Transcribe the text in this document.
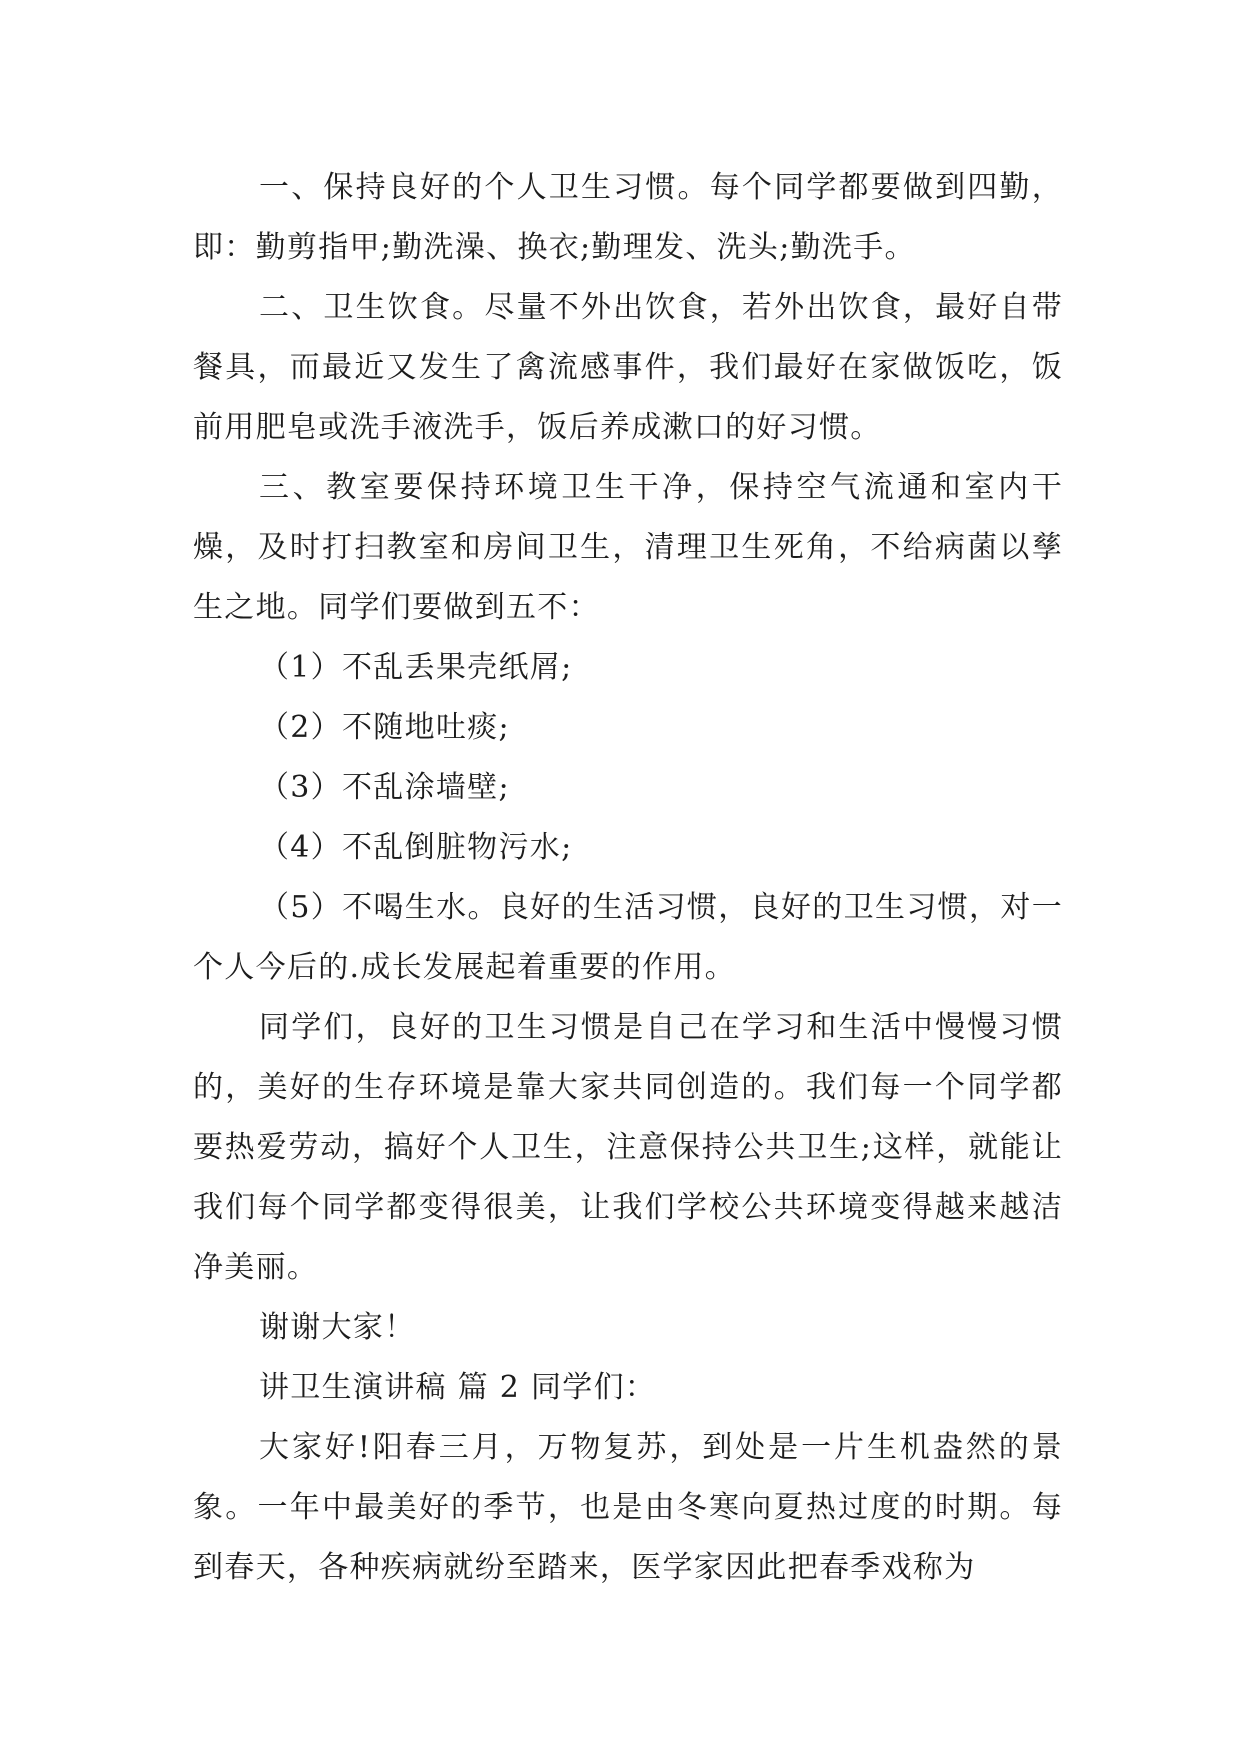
一、保持良好的个人卫生习惯。每个同学都要做到四勤，即：勤剪指甲;勤洗澡、换衣;勤理发、洗头;勤洗手。

二、卫生饮食。尽量不外出饮食，若外出饮食，最好自带餐具，而最近又发生了禽流感事件，我们最好在家做饭吃，饭前用肥皂或洗手液洗手，饭后养成漱口的好习惯。

三、教室要保持环境卫生干净，保持空气流通和室内干燥，及时打扫教室和房间卫生，清理卫生死角，不给病菌以孳生之地。同学们要做到五不：

（1）不乱丢果壳纸屑;

（2）不随地吐痰;

（3）不乱涂墙壁;

（4）不乱倒脏物污水;

（5）不喝生水。良好的生活习惯，良好的卫生习惯，对一个人今后的.成长发展起着重要的作用。

同学们，良好的卫生习惯是自己在学习和生活中慢慢习惯的，美好的生存环境是靠大家共同创造的。我们每一个同学都要热爱劳动，搞好个人卫生，注意保持公共卫生;这样，就能让我们每个同学都变得很美，让我们学校公共环境变得越来越洁净美丽。

谢谢大家！

讲卫生演讲稿 篇 2 同学们：

大家好!阳春三月，万物复苏，到处是一片生机盎然的景象。一年中最美好的季节，也是由冬寒向夏热过度的时期。每到春天，各种疾病就纷至踏来，医学家因此把春季戏称为
